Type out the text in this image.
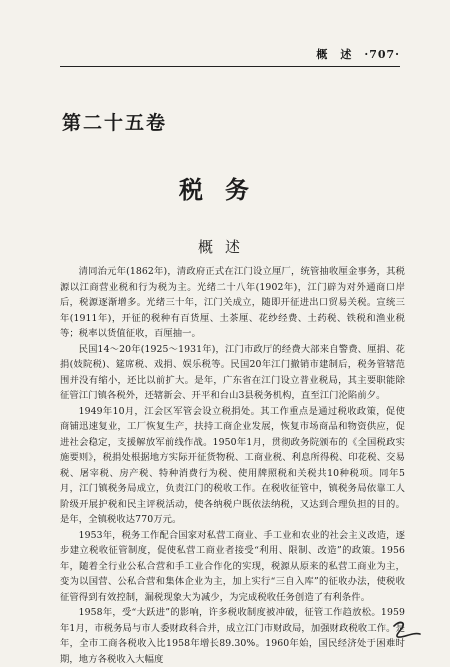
概　述　·707·
第二十五卷
税务
概述

清同治元年(1862年)，清政府正式在江门设立厘厂，统管抽收厘金事务，其税源以江商营业税和行为税为主。光绪二十八年(1902年)，江门辟为对外通商口岸后，税源逐渐增多。光绪三十年，江门关成立，随即开征进出口贸易关税。宣统三年(1911年)，开征的税种有百货厘、土茶厘、花纱经费、土药税、铁税和渔业税等；税率以货值征收，百厘抽一。

民国14～20年(1925～1931年)，江门市政厅的经费大部来自警费、厘捐、花捐(妓院税)、筵席税、戏捐、娱乐税等。民国20年江门撤销市建制后，税务管辖范围并没有缩小，还比以前扩大。是年，广东省在江门设立普业税局，其主要职能除征管江门镇各税外，还辖新会、开平和台山3县税务机构，直至江门沦陷前夕。

1949年10月，江会区军管会设立税捐处。其工作重点是通过税收政策，促使商铺迅速复业，工厂恢复生产，扶持工商企业发展，恢复市场商品和物资供应，促进社会稳定，支援解放军前线作战。1950年1月，贯彻政务院颁布的《全国税政实施要则》，税捐处根据地方实际开征货物税、工商业税、利息所得税、印花税、交易税、屠宰税、房产税、特种消费行为税、使用牌照税和关税共10种税项。同年5月，江门镇税务局成立，负责江门的税收工作。在税收征管中，镇税务局依靠工人阶级开展护税和民主评税活动，使各纳税户既依法纳税，又达到合理负担的目的。是年，全镇税收达770万元。

1953年，税务工作配合国家对私营工商业、手工业和农业的社会主义改造，逐步建立税收征管制度，促使私营工商业者接受“利用、限制、改造”的政策。1956年，随着全行业公私合营和手工业合作化的实现，税源从原来的私营工商业为主，变为以国营、公私合营和集体企业为主，加上实行“三自入库”的征收办法，使税收征管得到有效控制，漏税现象大为减少，为完成税收任务创造了有利条件。

1958年，受“大跃进”的影响，许多税收制度被冲破，征管工作趋放松。1959年1月，市税务局与市人委财政科合并，成立江门市财政局，加强财政税收工作。是年，全市工商各税收入比1958年增长89.30%。1960年始，国民经济处于困难时期，地方各税收入大幅度
